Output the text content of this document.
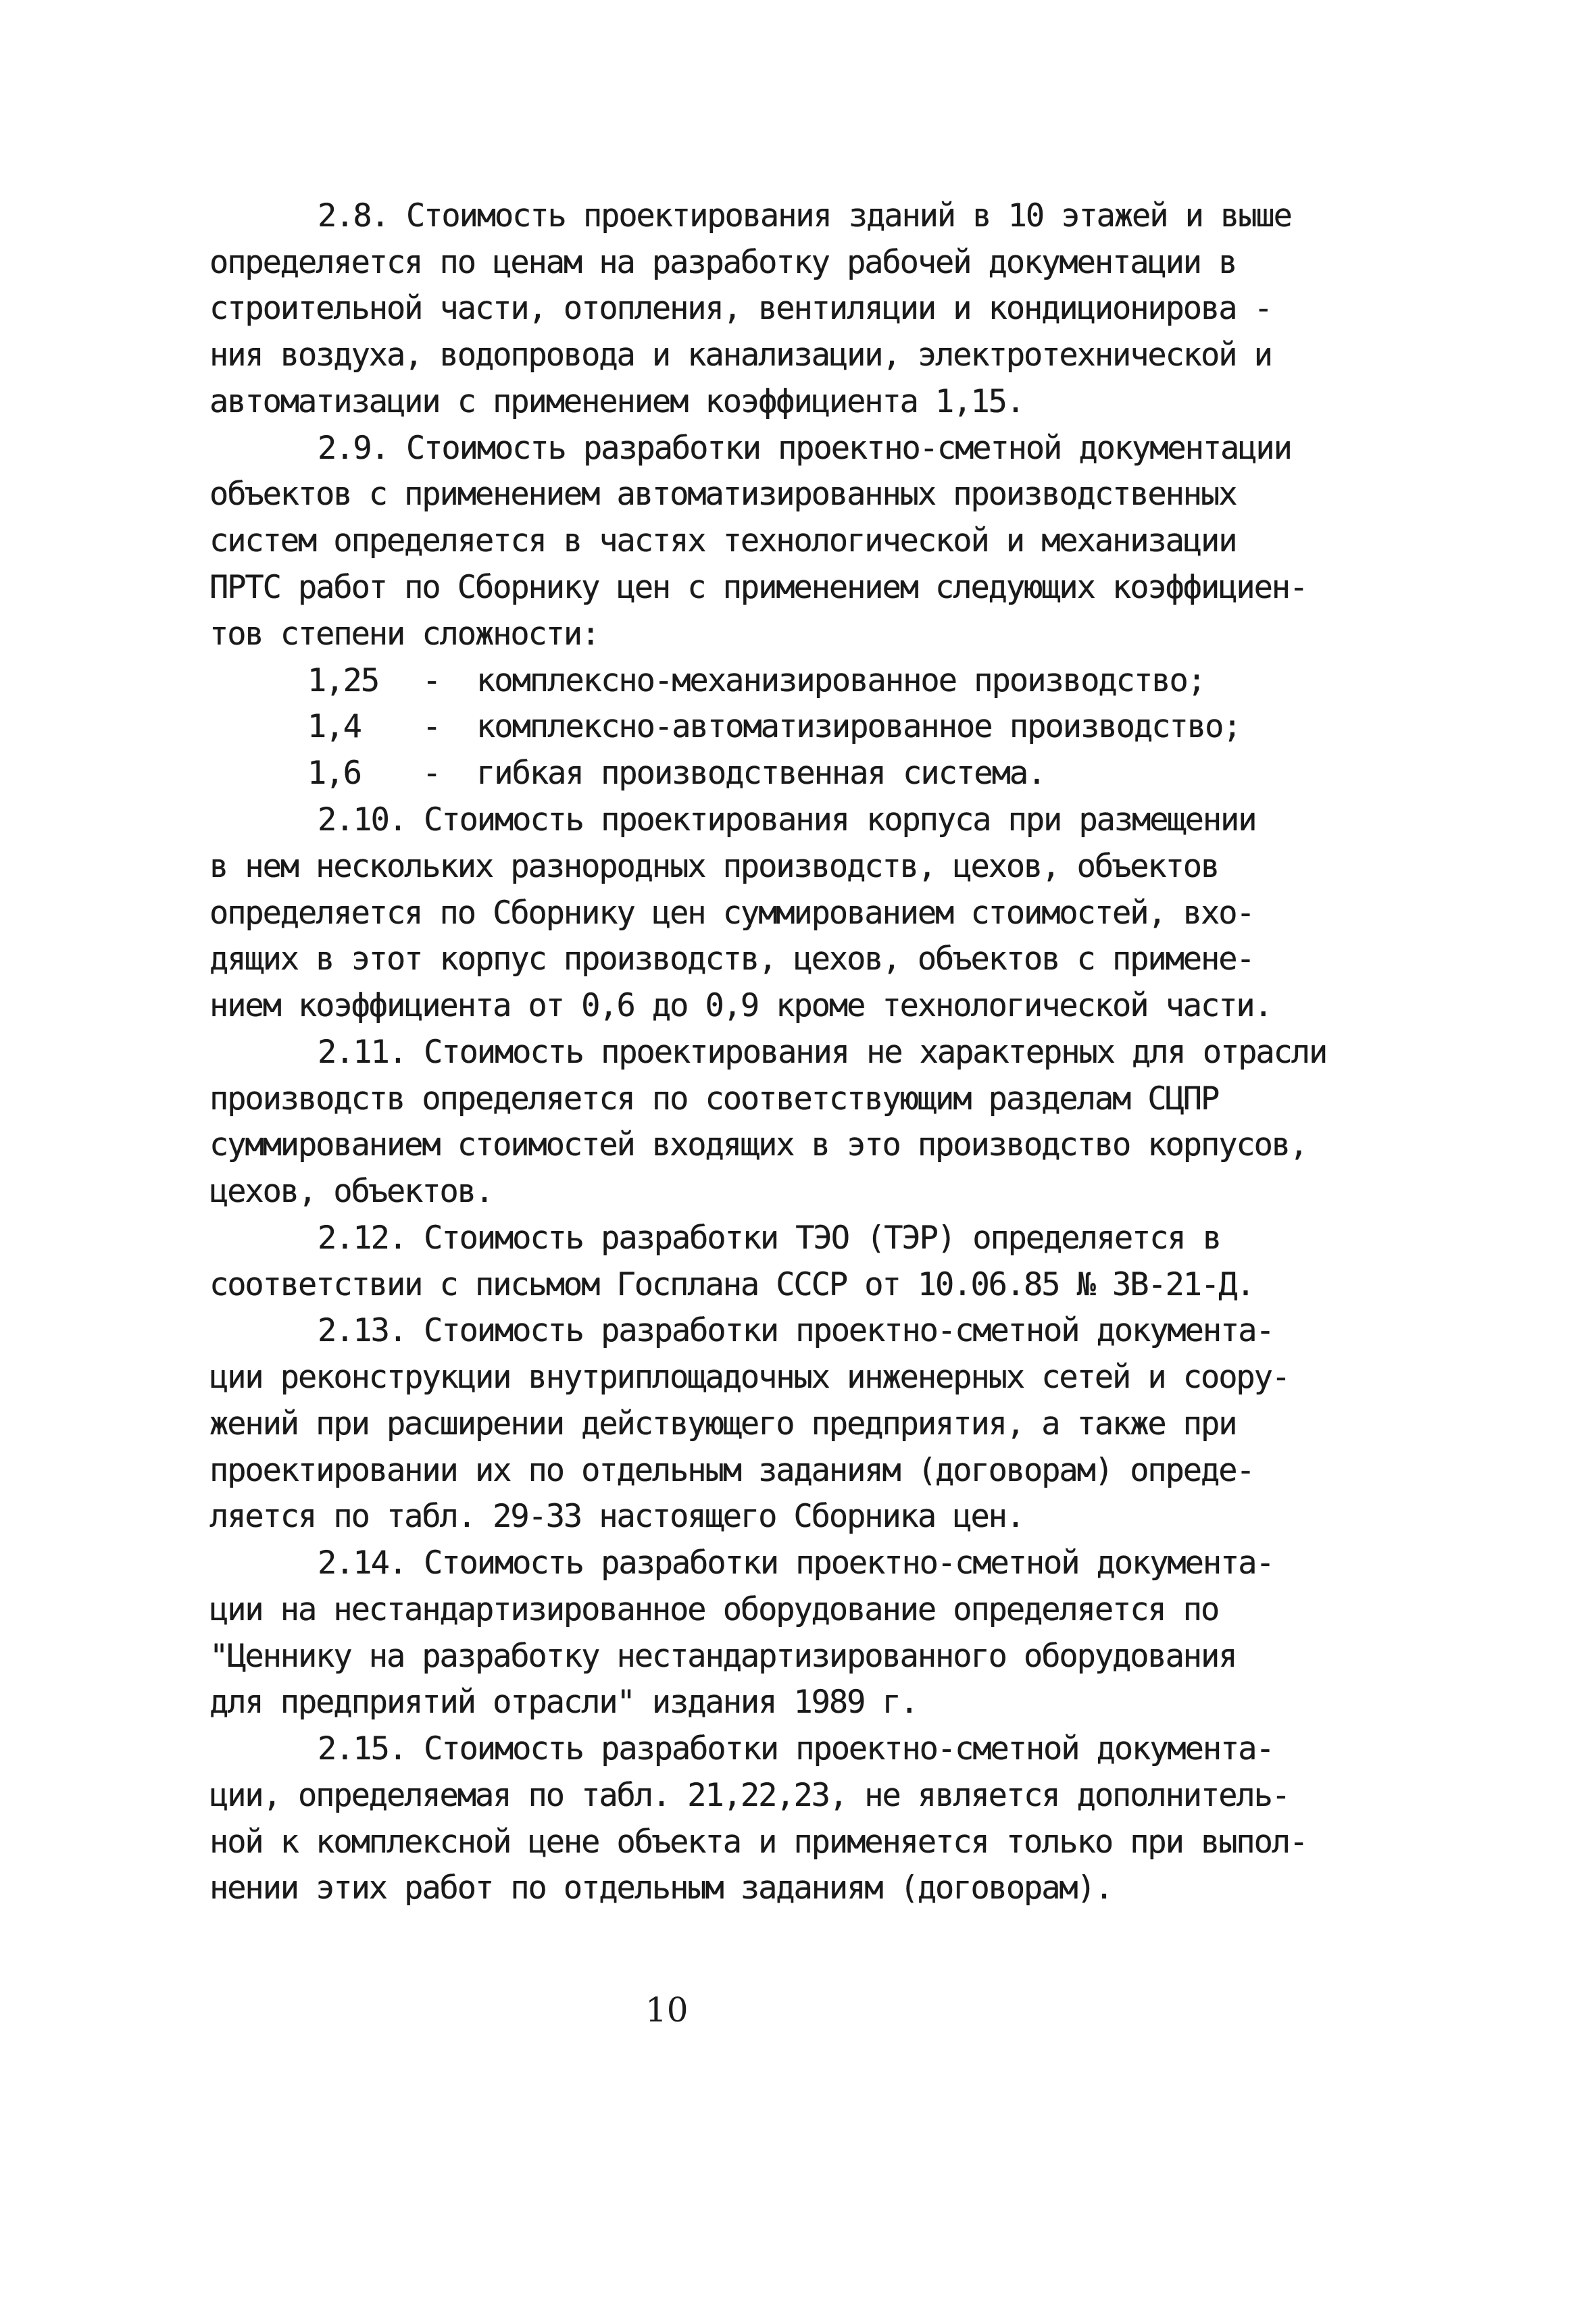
2.8. Стоимость проектирования зданий в 10 этажей и выше
определяется по ценам на разработку рабочей документации в
строительной части, отопления, вентиляции и кондиционирова -
ния воздуха, водопровода и канализации, электротехнической и
автоматизации с применением коэффициента 1,15.
2.9. Стоимость разработки проектно-сметной документации
объектов с применением автоматизированных производственных
систем определяется в частях технологической и механизации
ПРТС работ по Сборнику цен с применением следующих коэффициен-
тов степени сложности:
1,25 - комплексно-механизированное производство;
1,4 - комплексно-автоматизированное производство;
1,6 - гибкая производственная система.
2.10. Стоимость проектирования корпуса при размещении
в нем нескольких разнородных производств, цехов, объектов
определяется по Сборнику цен суммированием стоимостей, вхо-
дящих в этот корпус производств, цехов, объектов с примене-
нием коэффициента от 0,6 до 0,9 кроме технологической части.
2.11. Стоимость проектирования не характерных для отрасли
производств определяется по соответствующим разделам СЦПР
суммированием стоимостей входящих в это производство корпусов,
цехов, объектов.
2.12. Стоимость разработки ТЭО (ТЭР) определяется в
соответствии с письмом Госплана СССР от 10.06.85 № ЗВ-21-Д.
2.13. Стоимость разработки проектно-сметной документа-
ции реконструкции внутриплощадочных инженерных сетей и соору-
жений при расширении действующего предприятия, а также при
проектировании их по отдельным заданиям (договорам) опреде-
ляется по табл. 29-33 настоящего Сборника цен.
2.14. Стоимость разработки проектно-сметной документа-
ции на нестандартизированное оборудование определяется по
"Ценнику на разработку нестандартизированного оборудования
для предприятий отрасли" издания 1989 г.
2.15. Стоимость разработки проектно-сметной документа-
ции, определяемая по табл. 21,22,23, не является дополнитель-
ной к комплексной цене объекта и применяется только при выпол-
нении этих работ по отдельным заданиям (договорам).
10
